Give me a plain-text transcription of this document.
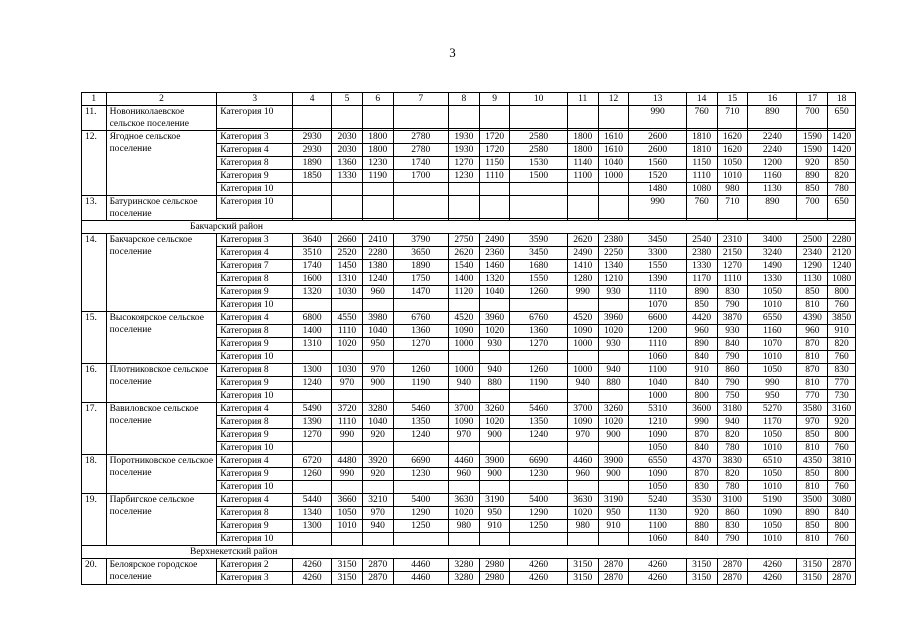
3
1	2	3	4	5	6	7	8	9	10	11	12	13	14	15	16	17	18
11.	Новониколаевское сельское поселение	Категория 10										990	760	710	890	700	650

12.	Ягодное сельское поселение	Категория 3	2930	2030	1800	2780	1930	1720	2580	1800	1610	2600	1810	1620	2240	1590	1420
		Категория 4	2930	2030	1800	2780	1930	1720	2580	1800	1610	2600	1810	1620	2240	1590	1420
		Категория 8	1890	1360	1230	1740	1270	1150	1530	1140	1040	1560	1150	1050	1200	920	850
		Категория 9	1850	1330	1190	1700	1230	1110	1500	1100	1000	1520	1110	1010	1160	890	820
		Категория 10										1480	1080	980	1130	850	780
13.	Батуринское сельское поселение	Категория 10										990	760	710	890	700	650

Бакчарский район																	
14.	Бакчарское сельское поселение	Категория 3	3640	2660	2410	3790	2750	2490	3590	2620	2380	3450	2540	2310	3400	2500	2280
		Категория 4	3510	2520	2280	3650	2620	2360	3450	2490	2250	3300	2380	2150	3240	2340	2120
		Категория 7	1740	1450	1380	1890	1540	1460	1680	1410	1340	1550	1330	1270	1490	1290	1240
		Категория 8	1600	1310	1240	1750	1400	1320	1550	1280	1210	1390	1170	1110	1330	1130	1080
		Категория 9	1320	1030	960	1470	1120	1040	1260	990	930	1110	890	830	1050	850	800
		Категория 10										1070	850	790	1010	810	760
15.	Высокоярское сельское поселение	Категория 4	6800	4550	3980	6760	4520	3960	6760	4520	3960	6600	4420	3870	6550	4390	3850
		Категория 8	1400	1110	1040	1360	1090	1020	1360	1090	1020	1200	960	930	1160	960	910
		Категория 9	1310	1020	950	1270	1000	930	1270	1000	930	1110	890	840	1070	870	820
		Категория 10										1060	840	790	1010	810	760
16.	Плотниковское сельское поселение	Категория 8	1300	1030	970	1260	1000	940	1260	1000	940	1100	910	860	1050	870	830
		Категория 9	1240	970	900	1190	940	880	1190	940	880	1040	840	790	990	810	770
		Категория 10										1000	800	750	950	770	730
17.	Вавиловское сельское поселение	Категория 4	5490	3720	3280	5460	3700	3260	5460	3700	3260	5310	3600	3180	5270	3580	3160
		Категория 8	1390	1110	1040	1350	1090	1020	1350	1090	1020	1210	990	940	1170	970	920
		Категория 9	1270	990	920	1240	970	900	1240	970	900	1090	870	820	1050	850	800
		Категория 10										1050	840	780	1010	810	760
18.	Поротниковское сельское поселение	Категория 4	6720	4480	3920	6690	4460	3900	6690	4460	3900	6550	4370	3830	6510	4350	3810
		Категория 9	1260	990	920	1230	960	900	1230	960	900	1090	870	820	1050	850	800
		Категория 10										1050	830	780	1010	810	760
19.	Парбигское сельское поселение	Категория 4	5440	3660	3210	5400	3630	3190	5400	3630	3190	5240	3530	3100	5190	3500	3080
		Категория 8	1340	1050	970	1290	1020	950	1290	1020	950	1130	920	860	1090	890	840
		Категория 9	1300	1010	940	1250	980	910	1250	980	910	1100	880	830	1050	850	800
		Категория 10										1060	840	790	1010	810	760
Верхнекетский район																	
20.	Белоярское городское поселение	Категория 2	4260	3150	2870	4460	3280	2980	4260	3150	2870	4260	3150	2870	4260	3150	2870
		Категория 3	4260	3150	2870	4460	3280	2980	4260	3150	2870	4260	3150	2870	4260	3150	2870
